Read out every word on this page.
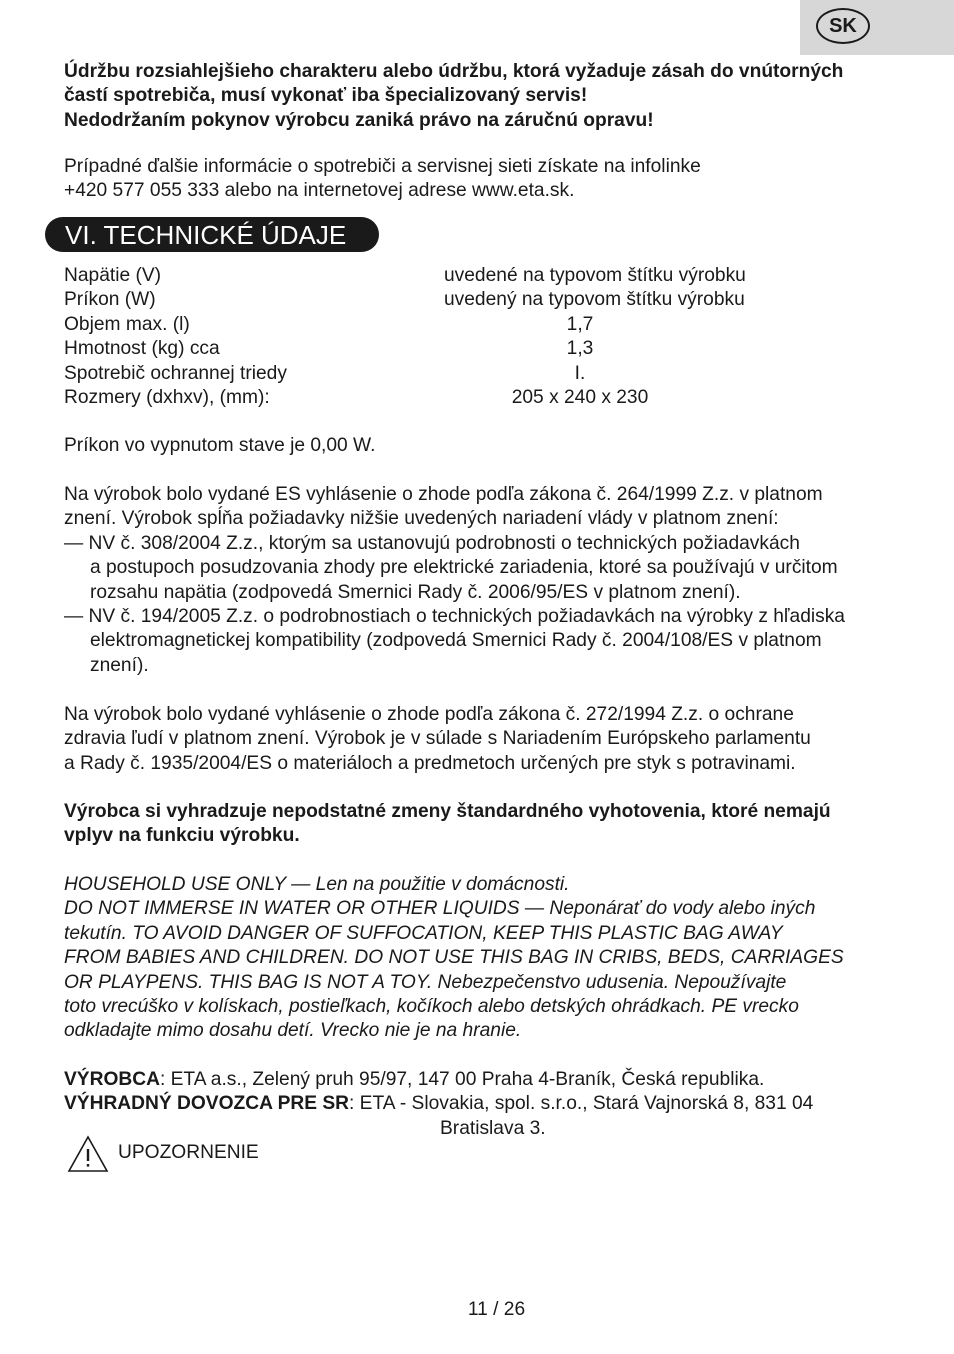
SK
Údržbu rozsiahlejšieho charakteru alebo údržbu, ktorá vyžaduje zásah do vnútorných
častí spotrebiča, musí vykonať iba špecializovaný servis!
Nedodržaním pokynov výrobcu zaniká právo na záručnú opravu!
Prípadné ďalšie informácie o spotrebiči a servisnej sieti získate na infolinke
+420 577 055 333 alebo na internetovej adrese www.eta.sk.
VI. TECHNICKÉ ÚDAJE
Napätie (V)	uvedené na typovom štítku výrobku
Príkon (W)	uvedený na typovom štítku výrobku
Objem max. (l)	1,7
Hmotnost (kg) cca	1,3
Spotrebič ochrannej triedy	I.
Rozmery (dxhxv), (mm):	205 x 240 x 230
Príkon vo vypnutom stave je 0,00 W.
Na výrobok bolo vydané ES vyhlásenie o zhode podľa zákona č. 264/1999 Z.z. v platnom
znení. Výrobok spĺňa požiadavky nižšie uvedených nariadení vlády v platnom znení:
— NV č. 308/2004 Z.z., ktorým sa ustanovujú podrobnosti o technických požiadavkách
a postupoch posudzovania zhody pre elektrické zariadenia, ktoré sa používajú v určitom
rozsahu napätia (zodpovedá Smernici Rady č. 2006/95/ES v platnom znení).
— NV č. 194/2005 Z.z. o podrobnostiach o technických požiadavkách na výrobky z hľadiska
elektromagnetickej kompatibility (zodpovedá Smernici Rady č. 2004/108/ES v platnom
znení).
Na výrobok bolo vydané vyhlásenie o zhode podľa zákona č. 272/1994 Z.z. o ochrane
zdravia ľudí v platnom znení. Výrobok je v súlade s Nariadením Európskeho parlamentu
a Rady č. 1935/2004/ES o materiáloch a predmetoch určených pre styk s potravinami.
Výrobca si vyhradzuje nepodstatné zmeny štandardného vyhotovenia, ktoré nemajú
vplyv na funkciu výrobku.
HOUSEHOLD USE ONLY — Len na použitie v domácnosti.
DO NOT IMMERSE IN WATER OR OTHER LIQUIDS — Neponárať do vody alebo iných
tekutín. TO AVOID DANGER OF SUFFOCATION, KEEP THIS PLASTIC BAG AWAY
FROM BABIES AND CHILDREN. DO NOT USE THIS BAG IN CRIBS, BEDS, CARRIAGES
OR PLAYPENS. THIS BAG IS NOT A TOY. Nebezpečenstvo udusenia. Nepoužívajte
toto vrecúško v kolískach, postieľkach, kočíkoch alebo detských ohrádkach. PE vrecko
odkladajte mimo dosahu detí. Vrecko nie je na hranie.
VÝROBCA: ETA a.s., Zelený pruh 95/97, 147 00 Praha 4-Braník, Česká republika.
VÝHRADNÝ DOVOZCA PRE SR: ETA - Slovakia, spol. s.r.o., Stará Vajnorská 8, 831 04
Bratislava 3.
UPOZORNENIE
11 / 26
